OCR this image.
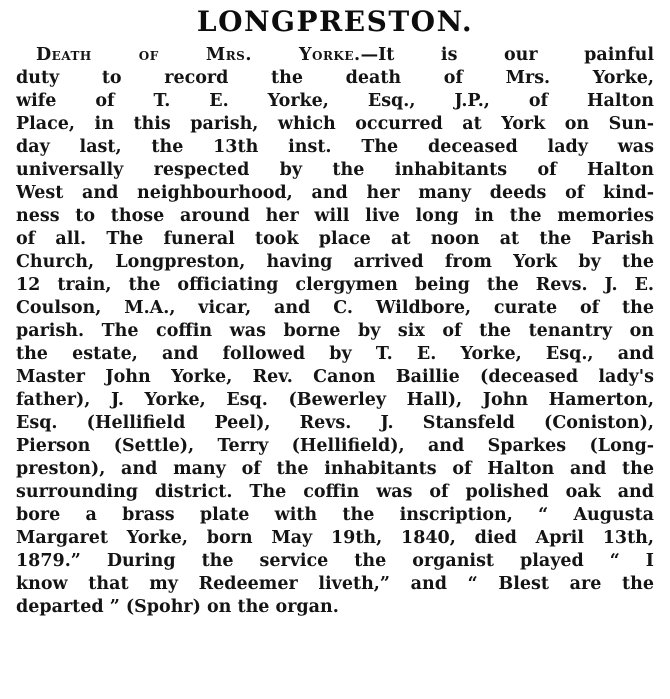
LONGPRESTON.
Death of Mrs. Yorke.—It is our painful
duty to record the death of Mrs. Yorke,
wife of T. E. Yorke, Esq., J.P., of Halton
Place, in this parish, which occurred at York on Sun-
day last, the 13th inst. The deceased lady was
universally respected by the inhabitants of Halton
West and neighbourhood, and her many deeds of kind-
ness to those around her will live long in the memories
of all. The funeral took place at noon at the Parish
Church, Longpreston, having arrived from York by the
12 train, the officiating clergymen being the Revs. J. E.
Coulson, M.A., vicar, and C. Wildbore, curate of the
parish. The coffin was borne by six of the tenantry on
the estate, and followed by T. E. Yorke, Esq., and
Master John Yorke, Rev. Canon Baillie (deceased lady's
father), J. Yorke, Esq. (Bewerley Hall), John Hamerton,
Esq. (Hellifield Peel), Revs. J. Stansfeld (Coniston),
Pierson (Settle), Terry (Hellifield), and Sparkes (Long-
preston), and many of the inhabitants of Halton and the
surrounding district. The coffin was of polished oak and
bore a brass plate with the inscription, “ Augusta
Margaret Yorke, born May 19th, 1840, died April 13th,
1879.” During the service the organist played “ I
know that my Redeemer liveth,” and “ Blest are the
departed ” (Spohr) on the organ.
